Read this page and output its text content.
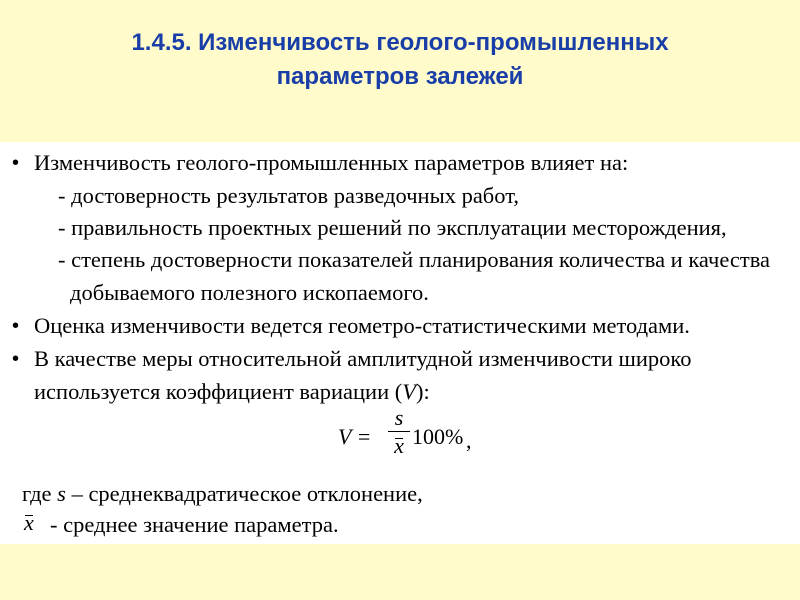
1.4.5. Изменчивость геолого-промышленных
параметров залежей
• Изменчивость геолого-промышленных параметров влияет на:
- достоверность результатов разведочных работ,
- правильность проектных решений по эксплуатации месторождения,
- степень достоверности показателей планирования количества и качества
добываемого полезного ископаемого.
• Оценка изменчивости ведется геометро-статистическими методами.
• В качестве меры относительной амплитудной изменчивости широко
используется коэффициент вариации (V):
V =
s
x 100% ,
где s – среднеквадратическое отклонение,
x - среднее значение параметра.
